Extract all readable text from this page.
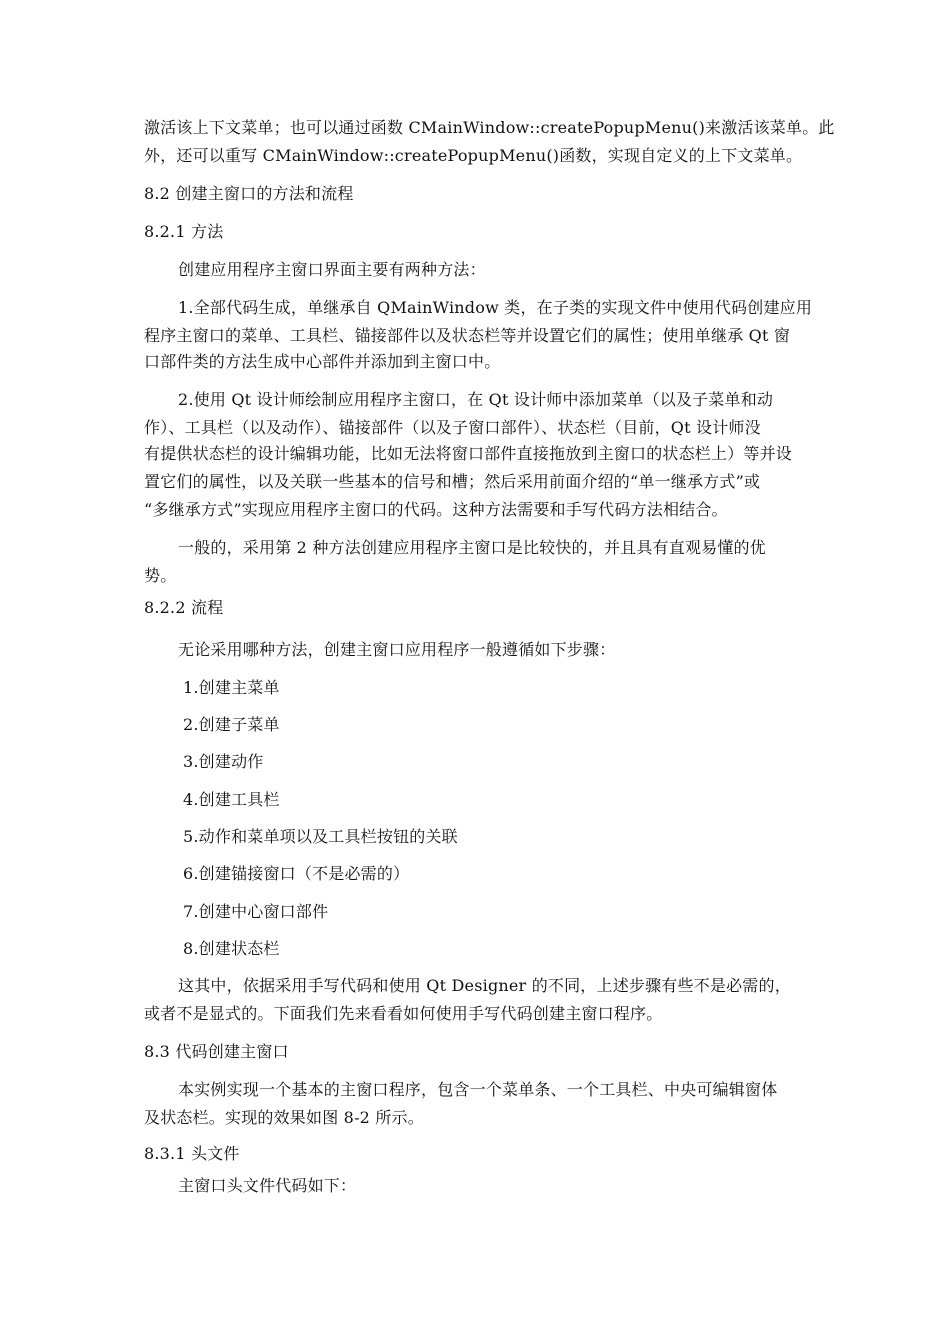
激活该上下文菜单；也可以通过函数 CMainWindow::createPopupMenu()来激活该菜单。此
外，还可以重写 CMainWindow::createPopupMenu()函数，实现自定义的上下文菜单。
8.2 创建主窗口的方法和流程
8.2.1 方法
创建应用程序主窗口界面主要有两种方法：
1.全部代码生成，单继承自 QMainWindow 类，在子类的实现文件中使用代码创建应用
程序主窗口的菜单、工具栏、锚接部件以及状态栏等并设置它们的属性；使用单继承 Qt 窗
口部件类的方法生成中心部件并添加到主窗口中。
2.使用 Qt 设计师绘制应用程序主窗口，在 Qt 设计师中添加菜单（以及子菜单和动
作）、工具栏（以及动作）、锚接部件（以及子窗口部件）、状态栏（目前，Qt 设计师没
有提供状态栏的设计编辑功能，比如无法将窗口部件直接拖放到主窗口的状态栏上）等并设
置它们的属性，以及关联一些基本的信号和槽；然后采用前面介绍的“单一继承方式”或
“多继承方式”实现应用程序主窗口的代码。这种方法需要和手写代码方法相结合。
一般的，采用第 2 种方法创建应用程序主窗口是比较快的，并且具有直观易懂的优
势。
8.2.2 流程
无论采用哪种方法，创建主窗口应用程序一般遵循如下步骤：
1.创建主菜单
2.创建子菜单
3.创建动作
4.创建工具栏
5.动作和菜单项以及工具栏按钮的关联
6.创建锚接窗口（不是必需的）
7.创建中心窗口部件
8.创建状态栏
这其中，依据采用手写代码和使用 Qt Designer 的不同，上述步骤有些不是必需的，
或者不是显式的。下面我们先来看看如何使用手写代码创建主窗口程序。
8.3 代码创建主窗口
本实例实现一个基本的主窗口程序，包含一个菜单条、一个工具栏、中央可编辑窗体
及状态栏。实现的效果如图 8-2 所示。
8.3.1 头文件
主窗口头文件代码如下：
